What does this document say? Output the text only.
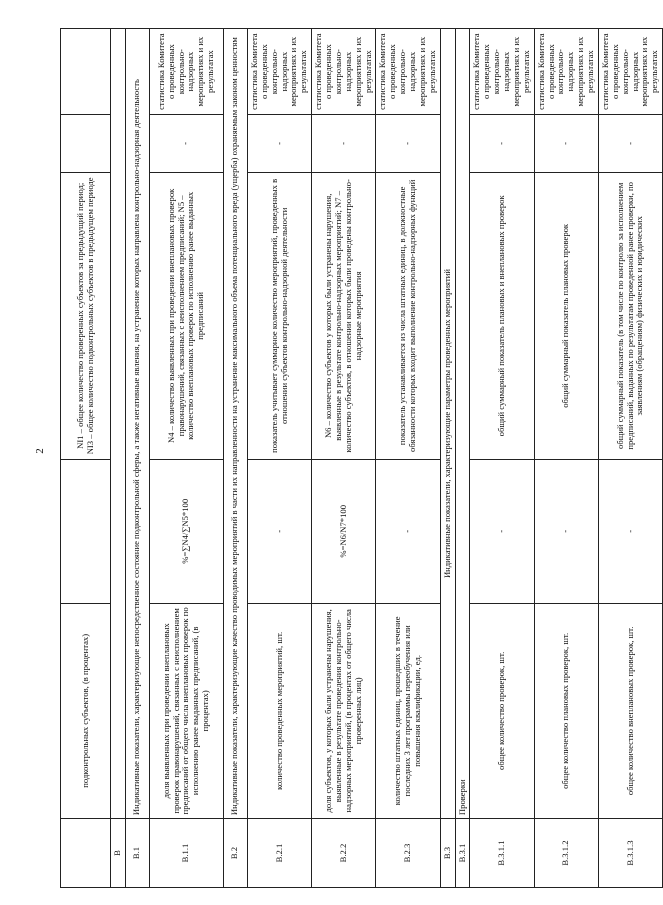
2
	подконтрольных субъектов, (в процентах)		NI1 – общее количество проверенных субъектов за предыдущий период; NI3 – общее количество подконтрольных субъектов в предыдущем периоде		
В					
В.1	Индикативные показатели, характеризующие непосредственное состояние подконтрольной сферы, а также негативные явления, на устранение которых направлена контрольно-надзорная деятельность				
В.1.1	доля выявленных при проведении внеплановых проверок правонарушений, связанных с неисполнением предписаний от общего числа внеплановых проверок по исполнению ранее выданных предписаний, (в процентах)	%=∑N4/∑N5*100	N4 – количество выявленных при проведении внеплановых проверок правонарушений, связанных с неисполнением предписаний; N5 – количество внеплановых проверок по исполнению ранее выданных предписаний	-	статистика Комитета о проведенных контрольно-надзорных мероприятиях и их результатах
В.2	Индикативные показатели, характеризующие качество проводимых мероприятий в части их направленности на устранение максимального объема потенциального вреда (ущерба) охраняемым законом ценностям				
В.2.1	количество проведенных мероприятий, шт.	-	показатель учитывает суммарное количество мероприятий, проведенных в отношении субъектов контрольно-надзорной деятельности	-	статистика Комитета о проведенных контрольно-надзорных мероприятиях и их результатах
В.2.2	доля субъектов, у которых были устранены нарушения, выявленные в результате проведения контрольно-надзорных мероприятий, (в процентах от общего числа проверенных лиц)	%=N6/N7*100	N6 – количество субъектов у которых были устранены нарушения, выявленные в результате контрольно-надзорных мероприятий; N7 – количество субъектов, в отношении которых были проведены контрольно-надзорные мероприятия	-	статистика Комитета о проведенных контрольно-надзорных мероприятиях и их результатах
В.2.3	количество штатных единиц, прошедших в течение последних 3 лет программы переобучения или повышения квалификации, ед.	-	показатель устанавливается из числа штатных единиц, в должностные обязанности которых входит выполнение контрольно-надзорных функций	-	статистика Комитета о проведенных контрольно-надзорных мероприятиях и их результатах
В.3	Индикативные показатели, характеризующие параметры проведенных мероприятий				
В.3.1	Проверки				
В.3.1.1	общее количество проверок, шт.	-	общий суммарный показатель плановых и внеплановых проверок	-	статистика Комитета о проведенных контрольно-надзорных мероприятиях и их результатах
В.3.1.2	общее количество плановых проверок, шт.	-	общий суммарный показатель плановых проверок	-	статистика Комитета о проведенных контрольно-надзорных мероприятиях и их результатах
В.3.1.3	общее количество внеплановых проверок, шт.	-	общий суммарный показатель (в том числе по контролю за исполнением предписаний, выданных по результатам проведенной ранее проверки, по заявлениям (обращениям) физических и юридических	-	статистика Комитета о проведенных контрольно-надзорных мероприятиях и их результатах
